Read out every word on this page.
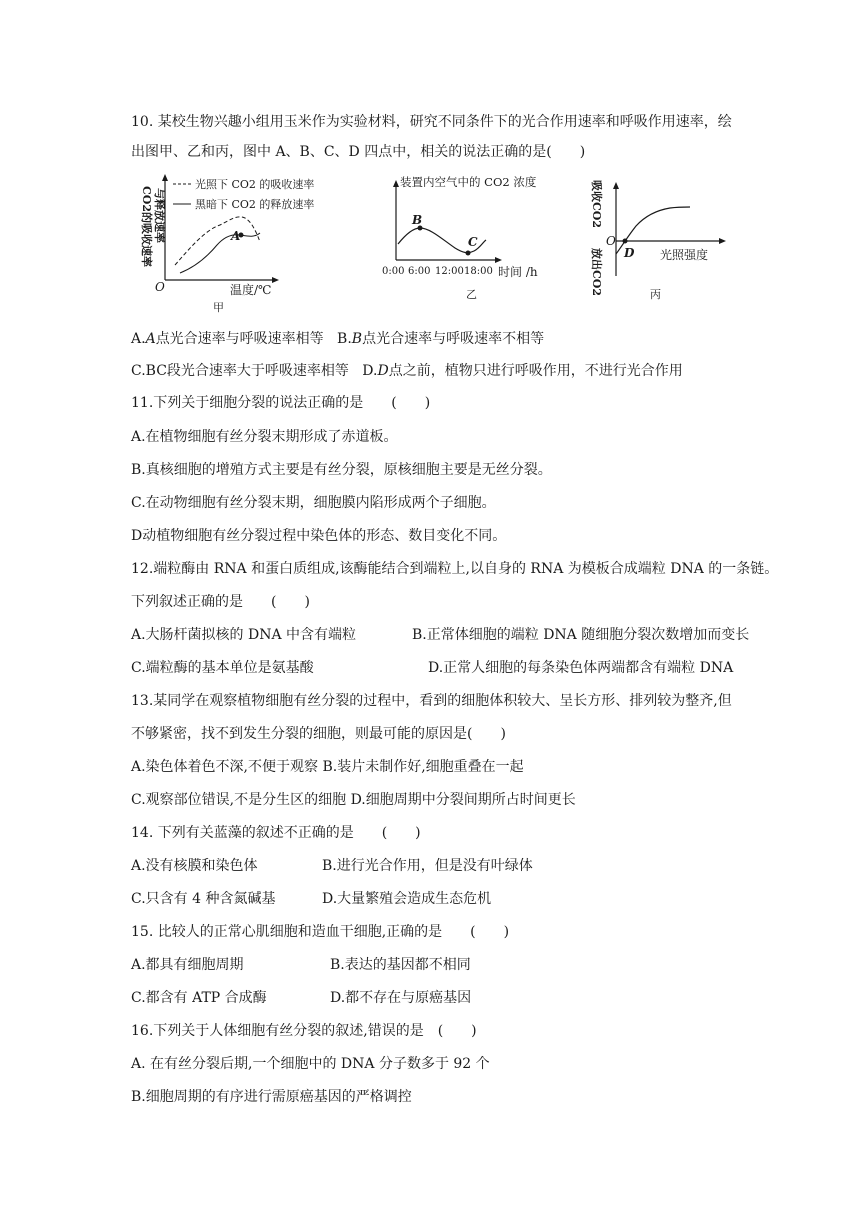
10. 某校生物兴趣小组用玉米作为实验材料，研究不同条件下的光合作用速率和呼吸作用速率，绘
出图甲、乙和丙，图中 A、B、C、D 四点中，相关的说法正确的是(　　)
CO2的吸收速率 与释放速率
光照下 CO2 的吸收速率
黑暗下 CO2 的释放速率
A
O	温度/℃
甲
装置内空气中的 CO2 浓度
B
C
0:00 6:00 12:00 18:00 时间 /h
乙
吸收CO2
放出CO2
O
D 光照强度
丙
A.A点光合速率与呼吸速率相等 B.B点光合速率与呼吸速率不相等
C.BC段光合速率大于呼吸速率相等 D.D点之前，植物只进行呼吸作用，不进行光合作用
11.下列关于细胞分裂的说法正确的是　　(　　)
A.在植物细胞有丝分裂末期形成了赤道板。
B.真核细胞的增殖方式主要是有丝分裂，原核细胞主要是无丝分裂。
C.在动物细胞有丝分裂末期，细胞膜内陷形成两个子细胞。
D动植物细胞有丝分裂过程中染色体的形态、数目变化不同。
12.端粒酶由 RNA 和蛋白质组成,该酶能结合到端粒上,以自身的 RNA 为模板合成端粒 DNA 的一条链。
下列叙述正确的是　　(　　)
A.大肠杆菌拟核的 DNA 中含有端粒	B.正常体细胞的端粒 DNA 随细胞分裂次数增加而变长
C.端粒酶的基本单位是氨基酸	D.正常人细胞的每条染色体两端都含有端粒 DNA
13.某同学在观察植物细胞有丝分裂的过程中，看到的细胞体积较大、呈长方形、排列较为整齐,但
不够紧密，找不到发生分裂的细胞，则最可能的原因是(　　)
A.染色体着色不深,不便于观察 B.装片未制作好,细胞重叠在一起
C.观察部位错误,不是分生区的细胞 D.细胞周期中分裂间期所占时间更长
14. 下列有关蓝藻的叙述不正确的是　　(　　)
A.没有核膜和染色体	B.进行光合作用，但是没有叶绿体
C.只含有 4 种含氮碱基	D.大量繁殖会造成生态危机
15. 比较人的正常心肌细胞和造血干细胞,正确的是　　(　　)
A.都具有细胞周期	B.表达的基因都不相同
C.都含有 ATP 合成酶	D.都不存在与原癌基因
16.下列关于人体细胞有丝分裂的叙述,错误的是　(　　)
A. 在有丝分裂后期,一个细胞中的 DNA 分子数多于 92 个
B.细胞周期的有序进行需原癌基因的严格调控
